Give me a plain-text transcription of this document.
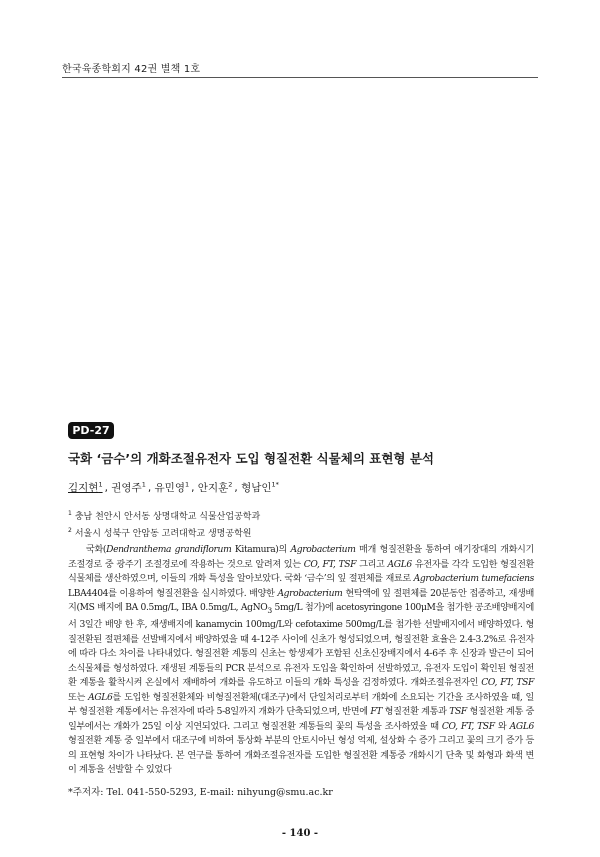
한국육종학회지 42권 별책 1호
PD-27
국화 ‘금수’의 개화조절유전자 도입 형질전환 식물체의 표현형 분석
김지현$^1$ , 권영주$^1$ , 유민영$^1$ , 안지훈$^2$ , 형남인$^{1*}$
$^1$ 충남 천안시 안서동 상명대학교 식물산업공학과
$^2$ 서울시 성북구 안암동 고려대학교 생명공학원

국화(Dendranthema grandiflorum Kitamura)의 Agrobacterium 매개 형질전환을 통하여 애기장대의 개화시기 조절경로 중 광주기 조절경로에 작용하는 것으로 알려져 있는 CO, FT, TSF 그리고 AGL6 유전자를 각각 도입한 형질전환 식물체를 생산하였으며, 이들의 개화 특성을 알아보았다. 국화 ‘금수’의 잎 절편체를 재료로 Agrobacterium tumefaciens LBA4404를 이용하여 형질전환을 실시하였다. 배양한 Agrobacterium 현탁액에 잎 절편체를 20분동안 접종하고, 재생배지(MS 배지에 BA 0.5mg/L, IBA 0.5mg/L, AgNO$_3$ 5mg/L 첨가)에 acetosyringone 100μM을 첨가한 공조배양배지에서 3일간 배양 한 후, 재생배지에 kanamycin 100mg/L와 cefotaxime 500mg/L를 첨가한 선발배지에서 배양하였다. 형질전환된 절편체를 선발배지에서 배양하였을 때 4-12주 사이에 신초가 형성되었으며, 형질전환 효율은 2.4-3.2%로 유전자에 따라 다소 차이를 나타내었다. 형질전환 계통의 신초는 항생제가 포함된 신초신장배지에서 4-6주 후 신장과 발근이 되어 소식물체를 형성하였다. 재생된 계통들의 PCR 분석으로 유전자 도입을 확인하여 선발하였고, 유전자 도입이 확인된 형질전환 계통을 활착시켜 온실에서 재배하여 개화를 유도하고 이들의 개화 특성을 검정하였다. 개화조절유전자인 CO, FT, TSF 또는 AGL6를 도입한 형질전환체와 비형질전환체(대조구)에서 단일처리로부터 개화에 소요되는 기간을 조사하였을 때, 일부 형질전환 계통에서는 유전자에 따라 5-8일까지 개화가 단축되었으며, 반면에 FT 형질전환 계통과 TSF 형질전환 계통 중 일부에서는 개화가 25일 이상 지연되었다. 그리고 형질전환 계통들의 꽃의 특성을 조사하였을 때 CO, FT, TSF 와 AGL6 형질전환 계통 중 일부에서 대조구에 비하여 통상화 부분의 안토시아닌 형성 억제, 설상화 수 증가 그리고 꽃의 크기 증가 등의 표현형 차이가 나타났다. 본 연구를 통하여 개화조절유전자를 도입한 형질전환 계통중 개화시기 단축 및 화형과 화색 변이 계통을 선발할 수 있었다

*주저자: Tel. 041-550-5293, E-mail: nihyung@smu.ac.kr
- 140 -
